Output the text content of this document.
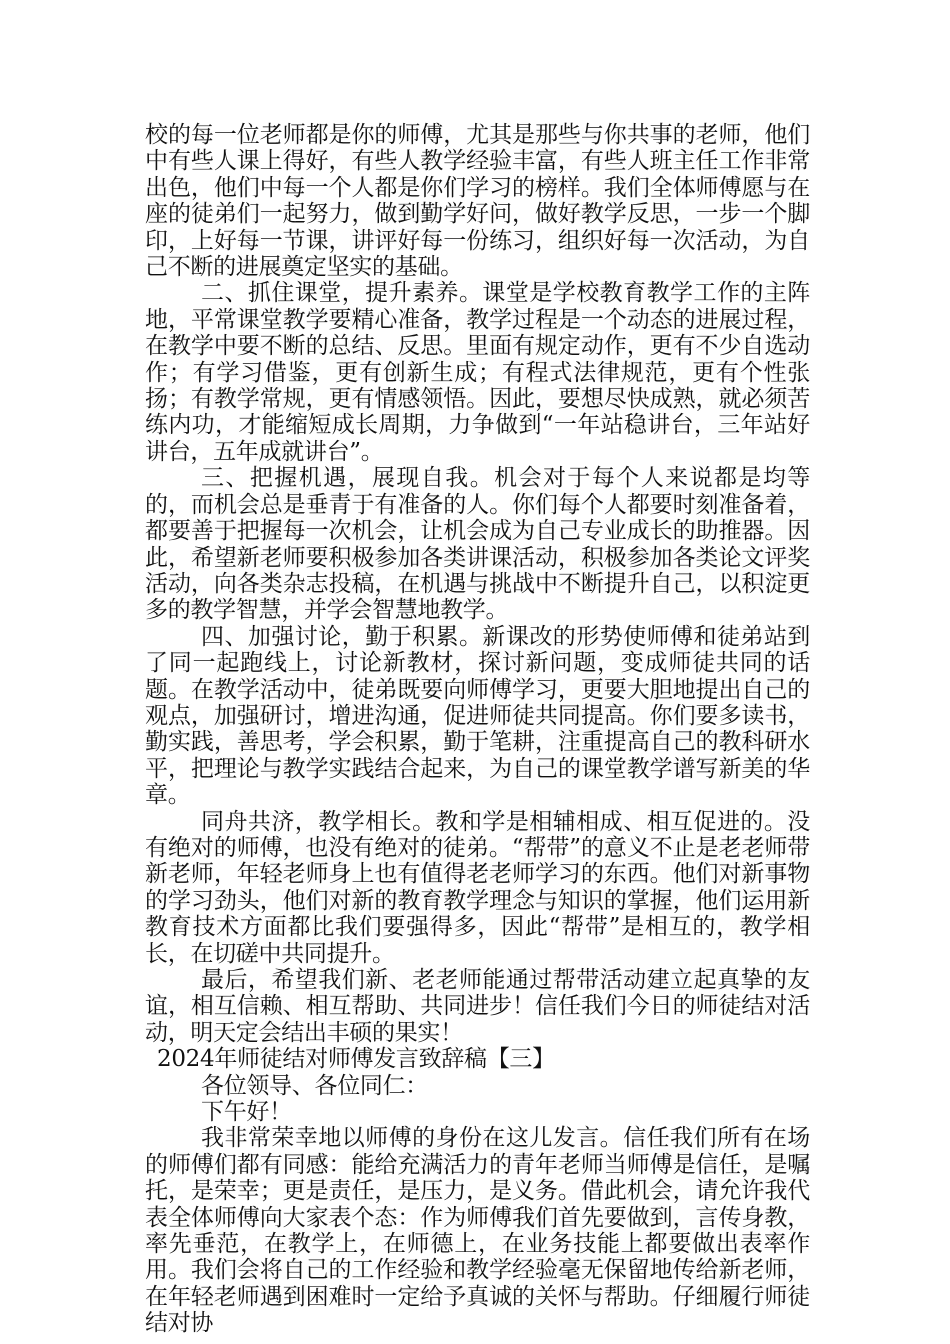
校的每一位老师都是你的师傅，尤其是那些与你共事的老师，他们中有些人课上得好，有些人教学经验丰富，有些人班主任工作非常出色，他们中每一个人都是你们学习的榜样。我们全体师傅愿与在座的徒弟们一起努力，做到勤学好问，做好教学反思，一步一个脚印，上好每一节课，讲评好每一份练习，组织好每一次活动，为自己不断的进展奠定坚实的基础。

二、抓住课堂，提升素养。课堂是学校教育教学工作的主阵地，平常课堂教学要精心准备，教学过程是一个动态的进展过程，在教学中要不断的总结、反思。里面有规定动作，更有不少自选动作；有学习借鉴，更有创新生成；有程式法律规范，更有个性张扬；有教学常规，更有情感领悟。因此，要想尽快成熟，就必须苦练内功，才能缩短成长周期，力争做到“一年站稳讲台，三年站好讲台，五年成就讲台”。

三、把握机遇，展现自我。机会对于每个人来说都是均等的，而机会总是垂青于有准备的人。你们每个人都要时刻准备着，都要善于把握每一次机会，让机会成为自己专业成长的助推器。因此，希望新老师要积极参加各类讲课活动，积极参加各类论文评奖活动，向各类杂志投稿，在机遇与挑战中不断提升自己，以积淀更多的教学智慧，并学会智慧地教学。

四、加强讨论，勤于积累。新课改的形势使师傅和徒弟站到了同一起跑线上，讨论新教材，探讨新问题，变成师徒共同的话题。在教学活动中，徒弟既要向师傅学习，更要大胆地提出自己的观点，加强研讨，增进沟通，促进师徒共同提高。你们要多读书，勤实践，善思考，学会积累，勤于笔耕，注重提高自己的教科研水平，把理论与教学实践结合起来，为自己的课堂教学谱写新美的华章。

同舟共济，教学相长。教和学是相辅相成、相互促进的。没有绝对的师傅，也没有绝对的徒弟。“帮带”的意义不止是老老师带新老师，年轻老师身上也有值得老老师学习的东西。他们对新事物的学习劲头，他们对新的教育教学理念与知识的掌握，他们运用新教育技术方面都比我们要强得多，因此“帮带”是相互的，教学相长，在切磋中共同提升。

最后，希望我们新、老老师能通过帮带活动建立起真挚的友谊，相互信赖、相互帮助、共同进步！信任我们今日的师徒结对活动，明天定会结出丰硕的果实！

2024年师徒结对师傅发言致辞稿【三】

各位领导、各位同仁：

下午好！

我非常荣幸地以师傅的身份在这儿发言。信任我们所有在场的师傅们都有同感：能给充满活力的青年老师当师傅是信任，是嘱托，是荣幸；更是责任，是压力，是义务。借此机会，请允许我代表全体师傅向大家表个态：作为师傅我们首先要做到，言传身教，率先垂范，在教学上，在师德上，在业务技能上都要做出表率作用。我们会将自己的工作经验和教学经验毫无保留地传给新老师，在年轻老师遇到困难时一定给予真诚的关怀与帮助。仔细履行师徒结对协
